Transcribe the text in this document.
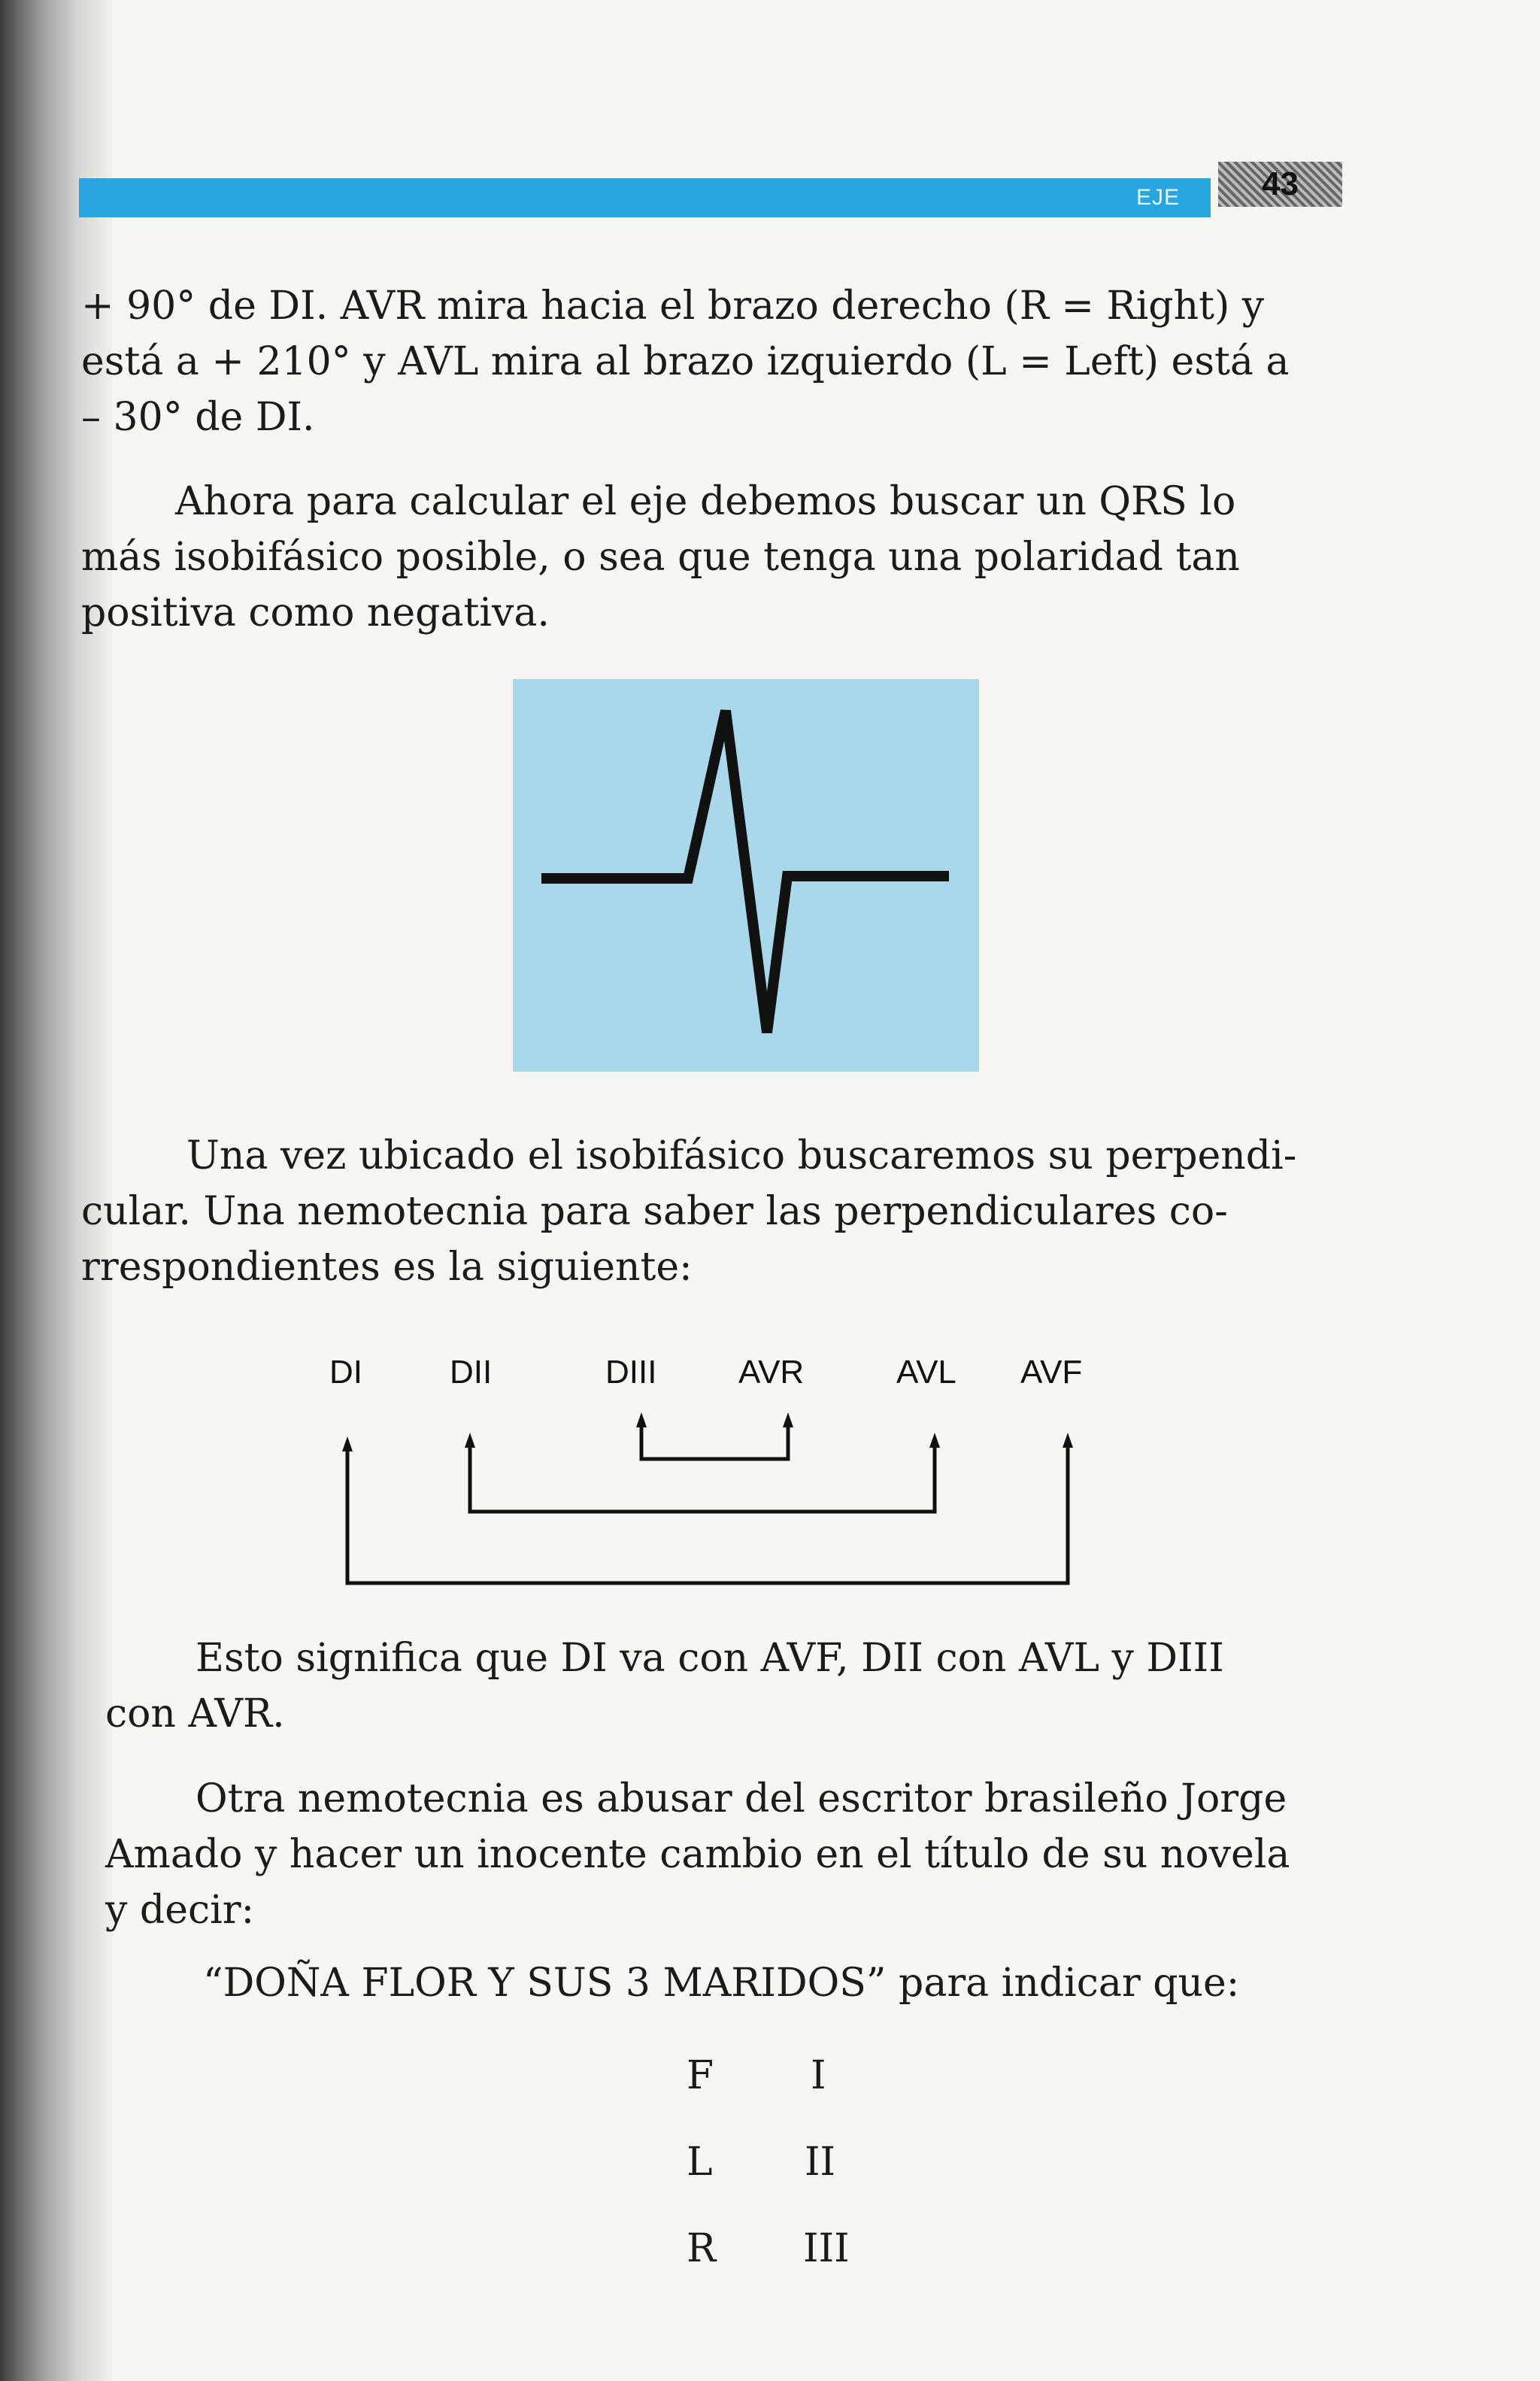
EJE	43

+ 90° de DI. AVR mira hacia el brazo derecho (R = Right) y
está a + 210° y AVL mira al brazo izquierdo (L = Left) está a
– 30° de DI.

Ahora para calcular el eje debemos buscar un QRS lo
más isobifásico posible, o sea que tenga una polaridad tan
positiva como negativa.

Una vez ubicado el isobifásico buscaremos su perpendi-
cular. Una nemotecnia para saber las perpendiculares co-
rrespondientes es la siguiente:

DI	DII	DIII AVR	AVL AVF

Esto significa que DI va con AVF, DII con AVL y DIII
con AVR.

Otra nemotecnia es abusar del escritor brasileño Jorge
Amado y hacer un inocente cambio en el título de su novela
y decir:

“DOÑA FLOR Y SUS 3 MARIDOS” para indicar que:
F I
L II
R III
